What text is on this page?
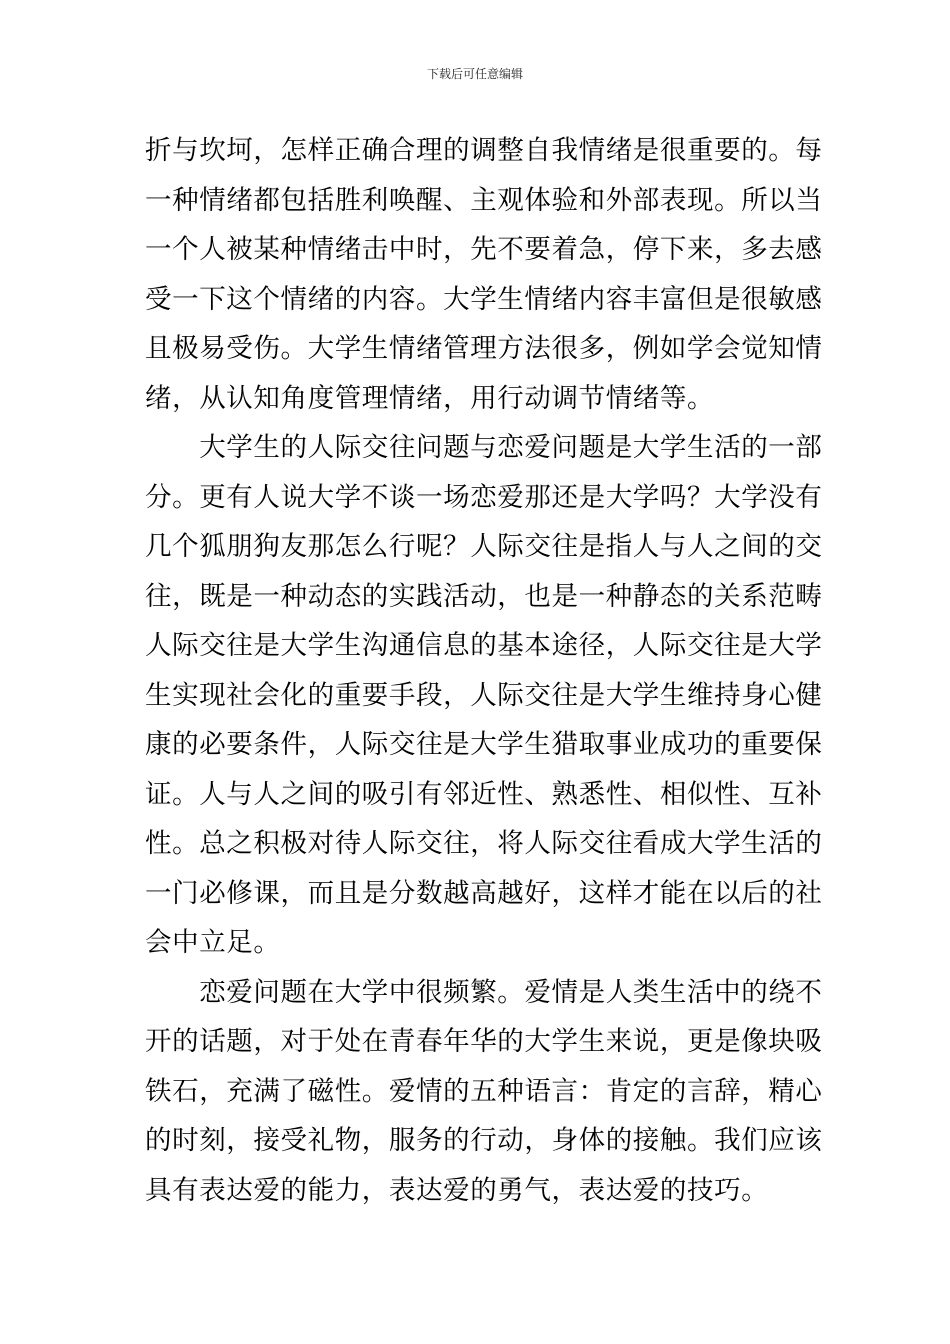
下载后可任意编辑
折与坎坷，怎样正确合理的调整自我情绪是很重要的。每
一种情绪都包括胜利唤醒、主观体验和外部表现。所以当
一个人被某种情绪击中时，先不要着急，停下来，多去感
受一下这个情绪的内容。大学生情绪内容丰富但是很敏感
且极易受伤。大学生情绪管理方法很多，例如学会觉知情
绪，从认知角度管理情绪，用行动调节情绪等。
　　大学生的人际交往问题与恋爱问题是大学生活的一部
分。更有人说大学不谈一场恋爱那还是大学吗？大学没有
几个狐朋狗友那怎么行呢？人际交往是指人与人之间的交
往，既是一种动态的实践活动，也是一种静态的关系范畴
人际交往是大学生沟通信息的基本途径，人际交往是大学
生实现社会化的重要手段，人际交往是大学生维持身心健
康的必要条件，人际交往是大学生猎取事业成功的重要保
证。人与人之间的吸引有邻近性、熟悉性、相似性、互补
性。总之积极对待人际交往，将人际交往看成大学生活的
一门必修课，而且是分数越高越好，这样才能在以后的社
会中立足。
　　恋爱问题在大学中很频繁。爱情是人类生活中的绕不
开的话题，对于处在青春年华的大学生来说，更是像块吸
铁石，充满了磁性。爱情的五种语言：肯定的言辞，精心
的时刻，接受礼物，服务的行动，身体的接触。我们应该
具有表达爱的能力，表达爱的勇气，表达爱的技巧。
